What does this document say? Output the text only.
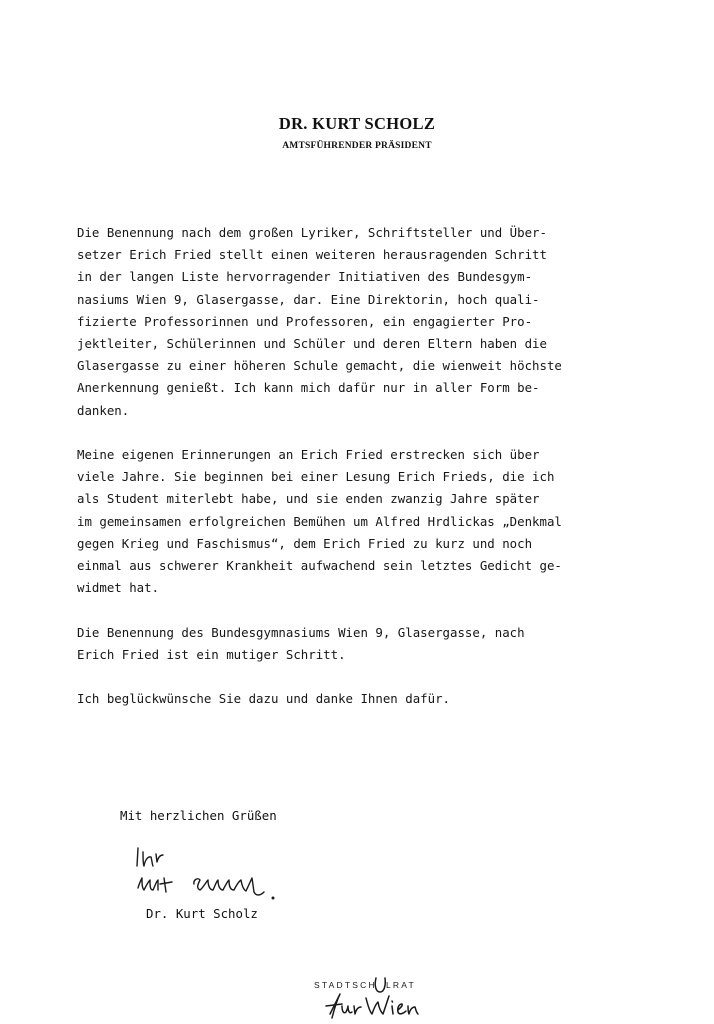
DR. KURT SCHOLZ
AMTSFÜHRENDER PRÄSIDENT
Die Benennung nach dem großen Lyriker, Schriftsteller und Über-
setzer Erich Fried stellt einen weiteren herausragenden Schritt
in der langen Liste hervorragender Initiativen des Bundesgym-
nasiums Wien 9, Glasergasse, dar. Eine Direktorin, hoch quali-
fizierte Professorinnen und Professoren, ein engagierter Pro-
jektleiter, Schülerinnen und Schüler und deren Eltern haben die
Glasergasse zu einer höheren Schule gemacht, die wienweit höchste
Anerkennung genießt. Ich kann mich dafür nur in aller Form be-
danken.
Meine eigenen Erinnerungen an Erich Fried erstrecken sich über
viele Jahre. Sie beginnen bei einer Lesung Erich Frieds, die ich
als Student miterlebt habe, und sie enden zwanzig Jahre später
im gemeinsamen erfolgreichen Bemühen um Alfred Hrdlickas „Denkmal
gegen Krieg und Faschismus“, dem Erich Fried zu kurz und noch
einmal aus schwerer Krankheit aufwachend sein letztes Gedicht ge-
widmet hat.
Die Benennung des Bundesgymnasiums Wien 9, Glasergasse, nach
Erich Fried ist ein mutiger Schritt.
Ich beglückwünsche Sie dazu und danke Ihnen dafür.
Mit herzlichen Grüßen
Dr. Kurt Scholz
STADTSCH LRAT
